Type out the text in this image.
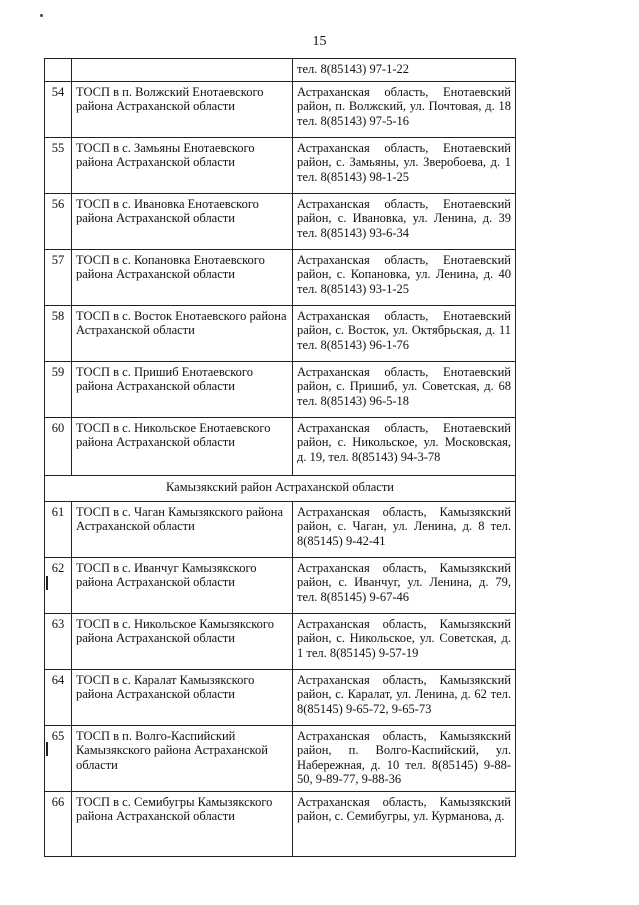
15
		тел. 8(85143) 97-1-22
54	ТОСП в п. Волжский Енотаевского района Астраханской области	Астраханская область, Енотаевский район, п. Волжский, ул. Почтовая, д. 18 тел. 8(85143) 97-5-16
55	ТОСП в с. Замьяны Енотаевского района Астраханской области	Астраханская область, Енотаевский район, с. Замьяны, ул. Зверобоева, д. 1 тел. 8(85143) 98-1-25
56	ТОСП в с. Ивановка Енотаевского района Астраханской области	Астраханская область, Енотаевский район, с. Ивановка, ул. Ленина, д. 39 тел. 8(85143) 93-6-34
57	ТОСП в с. Копановка Енотаевского района Астраханской области	Астраханская область, Енотаевский район, с. Копановка, ул. Ленина, д. 40 тел. 8(85143) 93-1-25
58	ТОСП в с. Восток Енотаевского района Астраханской области	Астраханская область, Енотаевский район, с. Восток, ул. Октябрьская, д. 11 тел. 8(85143) 96-1-76
59	ТОСП в с. Пришиб Енотаевского района Астраханской области	Астраханская область, Енотаевский район, с. Пришиб, ул. Советская, д. 68 тел. 8(85143) 96-5-18
60	ТОСП в с. Никольское Енотаевского района Астраханской области	Астраханская область, Енотаевский район, с. Никольское, ул. Московская, д. 19, тел. 8(85143) 94-3-78
Камызякский район Астраханской области		
61	ТОСП в с. Чаган Камызякского района Астраханской области	Астраханская область, Камызякский район, с. Чаган, ул. Ленина, д. 8 тел. 8(85145) 9-42-41
62	ТОСП в с. Иванчуг Камызякского района Астраханской области	Астраханская область, Камызякский район, с. Иванчуг, ул. Ленина, д. 79, тел. 8(85145) 9-67-46
63	ТОСП в с. Никольское Камызякского района Астраханской области	Астраханская область, Камызякский район, с. Никольское, ул. Советская, д. 1 тел. 8(85145) 9-57-19
64	ТОСП в с. Каралат Камызякского района Астраханской области	Астраханская область, Камызякский район, с. Каралат, ул. Ленина, д. 62 тел. 8(85145) 9-65-72, 9-65-73
65	ТОСП в п. Волго-Каспийский Камызякского района Астраханской области	Астраханская область, Камызякский район, п. Волго-Каспийский, ул. Набережная, д. 10 тел. 8(85145) 9-88-50, 9-89-77, 9-88-36
66	ТОСП в с. Семибугры Камызякского района Астраханской области	Астраханская область, Камызякский район, с. Семибугры, ул. Курманова, д.
